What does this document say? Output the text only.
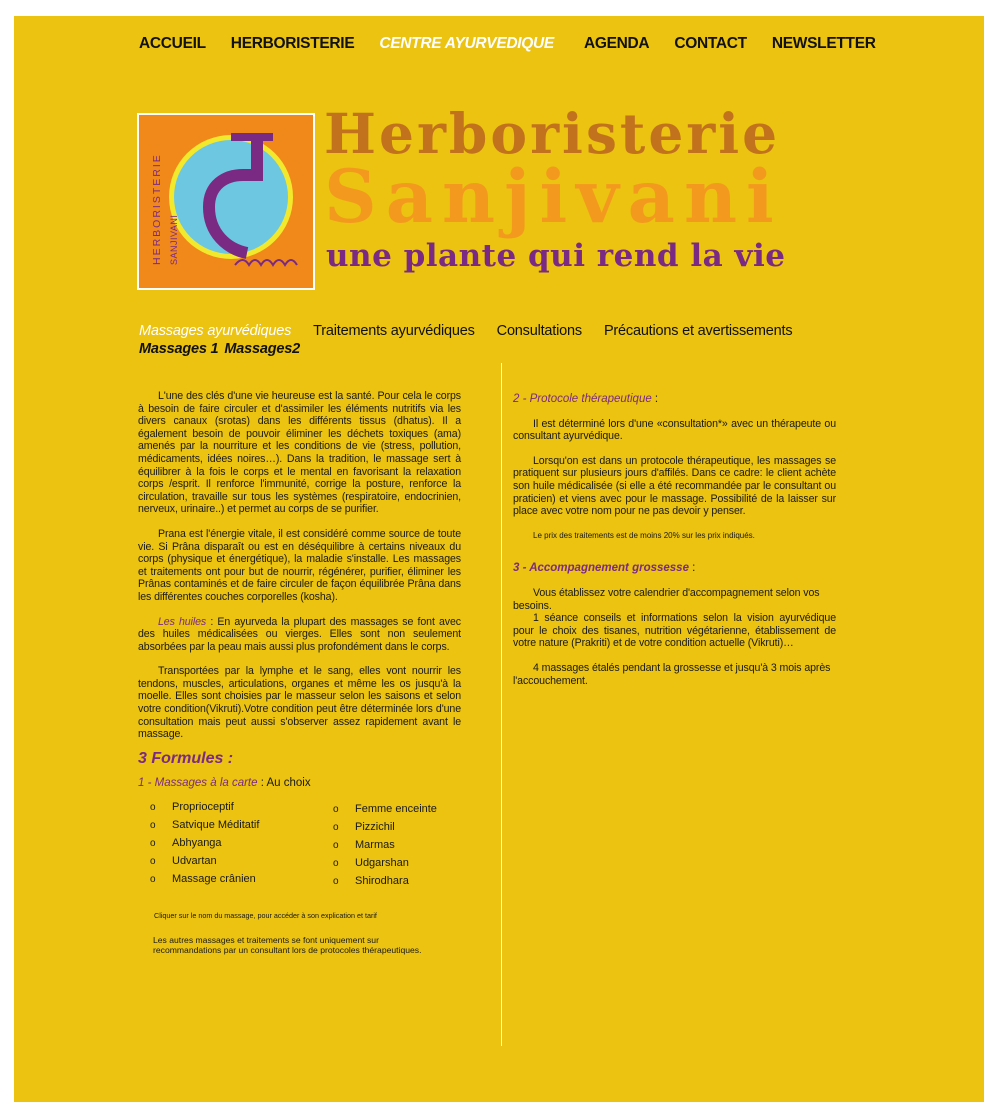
ACCUEIL HERBORISTERIE CENTRE AYURVEDIQUE AGENDA CONTACT NEWSLETTER
HERBORISTERIE SANJIVANI
Herboristerie
Sanjivani
une plante qui rend la vie
Massages ayurvédiques Traitements ayurvédiques Consultations Précautions et avertissements
Massages 1 Massages2

L'une des clés d'une vie heureuse est la santé. Pour cela le corps à besoin de faire circuler et d'assimiler les éléments nutritifs via les divers canaux (srotas) dans les différents tissus (dhatus). Il a également besoin de pouvoir éliminer les déchets toxiques (ama) amenés par la nourriture et les conditions de vie (stress, pollution, médicaments, idées noires…). Dans la tradition, le massage sert à équilibrer à la fois le corps et le mental en favorisant la relaxation corps /esprit. Il renforce l'immunité, corrige la posture, renforce la circulation, travaille sur tous les systèmes (respiratoire, endocrinien, nerveux, urinaire..) et permet au corps de se purifier.

Prana est l'énergie vitale, il est considéré comme source de toute vie. Si Prâna disparaît ou est en déséquilibre à certains niveaux du corps (physique et énergétique), la maladie s'installe. Les massages et traitements ont pour but de nourrir, régénérer, purifier, éliminer les Prânas contaminés et de faire circuler de façon équilibrée Prâna dans les différentes couches corporelles (kosha).

Les huiles : En ayurveda la plupart des massages se font avec des huiles médicalisées ou vierges. Elles sont non seulement absorbées par la peau mais aussi plus profondément dans le corps.

Transportées par la lymphe et le sang, elles vont nourrir les tendons, muscles, articulations, organes et même les os jusqu'à la moelle. Elles sont choisies par le masseur selon les saisons et selon votre condition(Vikruti).Votre condition peut être déterminée lors d'une consultation mais peut aussi s'observer assez rapidement avant le massage.

3 Formules :
1 - Massages à la carte : Au choix
o Proprioceptif
o Satvique Méditatif
o Abhyanga
o Udvartan
o Massage crânien
o Femme enceinte
o Pizzichil
o Marmas
o Udgarshan
o Shirodhara

Cliquer sur le nom du massage, pour accéder à son explication et tarif

Les autres massages et traitements se font uniquement sur recommandations par un consultant lors de protocoles thérapeutiques.

2 - Protocole thérapeutique :

Il est déterminé lors d'une «consultation*» avec un thérapeute ou consultant ayurvédique.

Lorsqu'on est dans un protocole thérapeutique, les massages se pratiquent sur plusieurs jours d'affilés. Dans ce cadre: le client achète son huile médicalisée (si elle a été recommandée par le consultant ou praticien) et viens avec pour le massage. Possibilité de la laisser sur place avec votre nom pour ne pas devoir y penser.

Le prix des traitements est de moins 20% sur les prix indiqués.

3 - Accompagnement grossesse :

Vous établissez votre calendrier d'accompagnement selon vos besoins.

1 séance conseils et informations selon la vision ayurvédique pour le choix des tisanes, nutrition végétarienne, établissement de votre nature (Prakriti) et de votre condition actuelle (Vikruti)…

4 massages étalés pendant la grossesse et jusqu'à 3 mois après l'accouchement.
